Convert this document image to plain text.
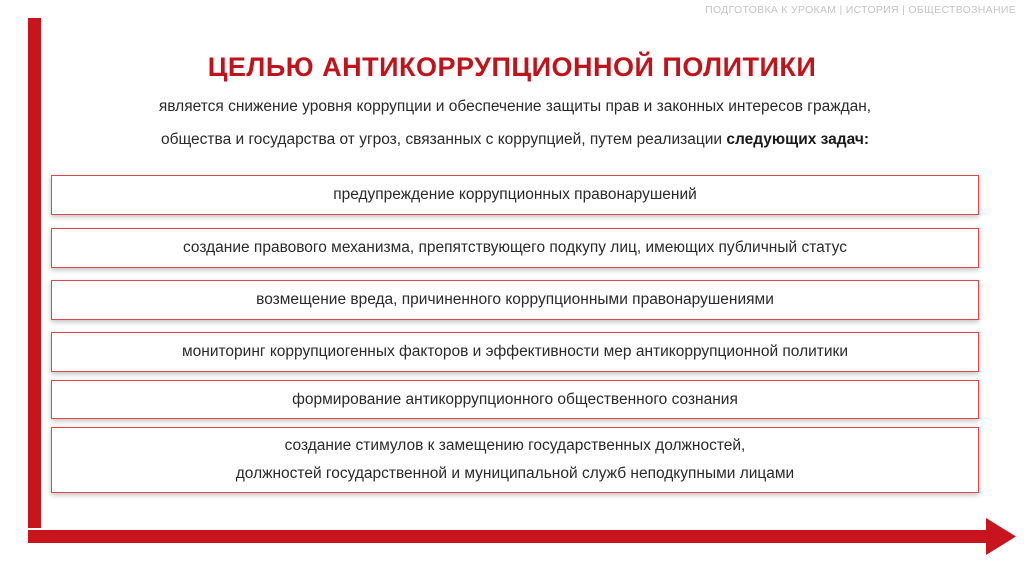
ПОДГОТОВКА К УРОКАМ | ИСТОРИЯ | ОБЩЕСТВОЗНАНИЕ
ЦЕЛЬЮ АНТИКОРРУПЦИОННОЙ ПОЛИТИКИ
является снижение уровня коррупции и обеспечение защиты прав и законных интересов граждан,
общества и государства от угроз, связанных с коррупцией, путем реализации следующих задач:
предупреждение коррупционных правонарушений
создание правового механизма, препятствующего подкупу лиц, имеющих публичный статус
возмещение вреда, причиненного коррупционными правонарушениями
мониторинг коррупциогенных факторов и эффективности мер антикоррупционной политики
формирование антикоррупционного общественного сознания
создание стимулов к замещению государственных должностей,
должностей государственной и муниципальной служб неподкупными лицами
